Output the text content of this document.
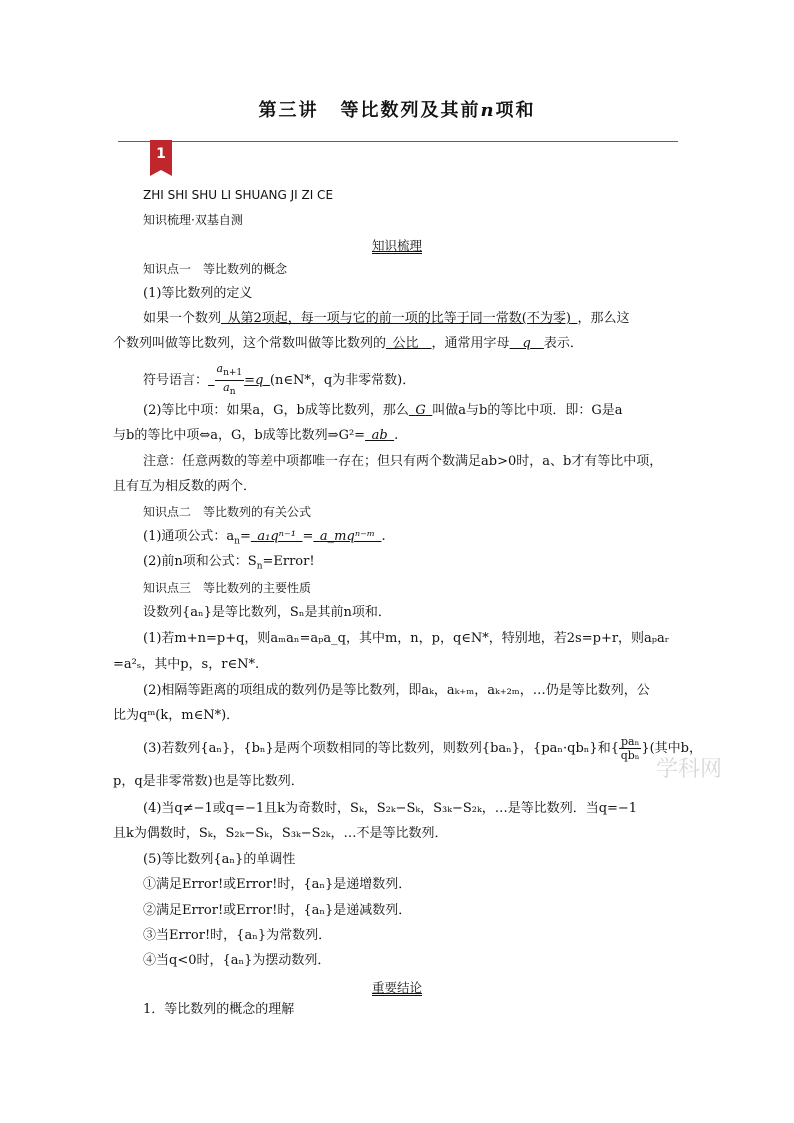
第三讲 等比数列及其前n项和
1
ZHI SHI SHU LI SHUANG JI ZI CE
知识梳理·双基自测
知识梳理
知识点一　等比数列的概念
(1)等比数列的定义
如果一个数列  从第2项起，每一项与它的前一项的比等于同一常数(不为零)  ，那么这
个数列叫做等比数列，这个常数叫做等比数列的  公比  ，通常用字母  q  表示．
符号语言：  $\frac{a_{n+1}}{a_n} =q$  (n∈N*，q为非零常数)．
(2)等比中项：如果a，G，b成等比数列，那么  G  叫做a与b的等比中项．即：G是a
与b的等比中项⇔a，G，b成等比数列⇒G²=  ab  .
注意：任意两数的等差中项都唯一存在；但只有两个数满足ab>0时，a、b才有等比中项，
且有互为相反数的两个．
知识点二　等比数列的有关公式
(1)通项公式：$a_n=$  a₁qⁿ⁻¹  =  a_mqⁿ⁻ᵐ  .
(2)前n项和公式：$S_n=Error$!
知识点三　等比数列的主要性质
设数列{aₙ}是等比数列，Sₙ是其前n项和．
(1)若m+n=p+q，则aₘaₙ=aₚa_q，其中m，n，p，q∈N*，特别地，若2s=p+r，则aₚaᵣ
=a²ₛ，其中p，s，r∈N*.
(2)相隔等距离的项组成的数列仍是等比数列，即aₖ，aₖ₊ₘ，aₖ₊₂ₘ，…仍是等比数列，公
比为qᵐ(k，m∈N*)．
(3)若数列{aₙ}，{bₙ}是两个项数相同的等比数列，则数列{baₙ}，{paₙ·qbₙ}和{ $\frac{\text{paₙ}}{\text{qbₙ}}$ }(其中b，
p，q是非零常数)也是等比数列．
(4)当q≠−1或q=−1且k为奇数时，Sₖ，S₂ₖ−Sₖ，S₃ₖ−S₂ₖ，…是等比数列．当q=−1
且k为偶数时，Sₖ，S₂ₖ−Sₖ，S₃ₖ−S₂ₖ，…不是等比数列．
(5)等比数列{aₙ}的单调性
①满足Error!或Error!时，{aₙ}是递增数列．
②满足Error!或Error!时，{aₙ}是递减数列．
③当Error!时，{aₙ}为常数列．
④当q<0时，{aₙ}为摆动数列．
重要结论
1．等比数列的概念的理解
学科网
